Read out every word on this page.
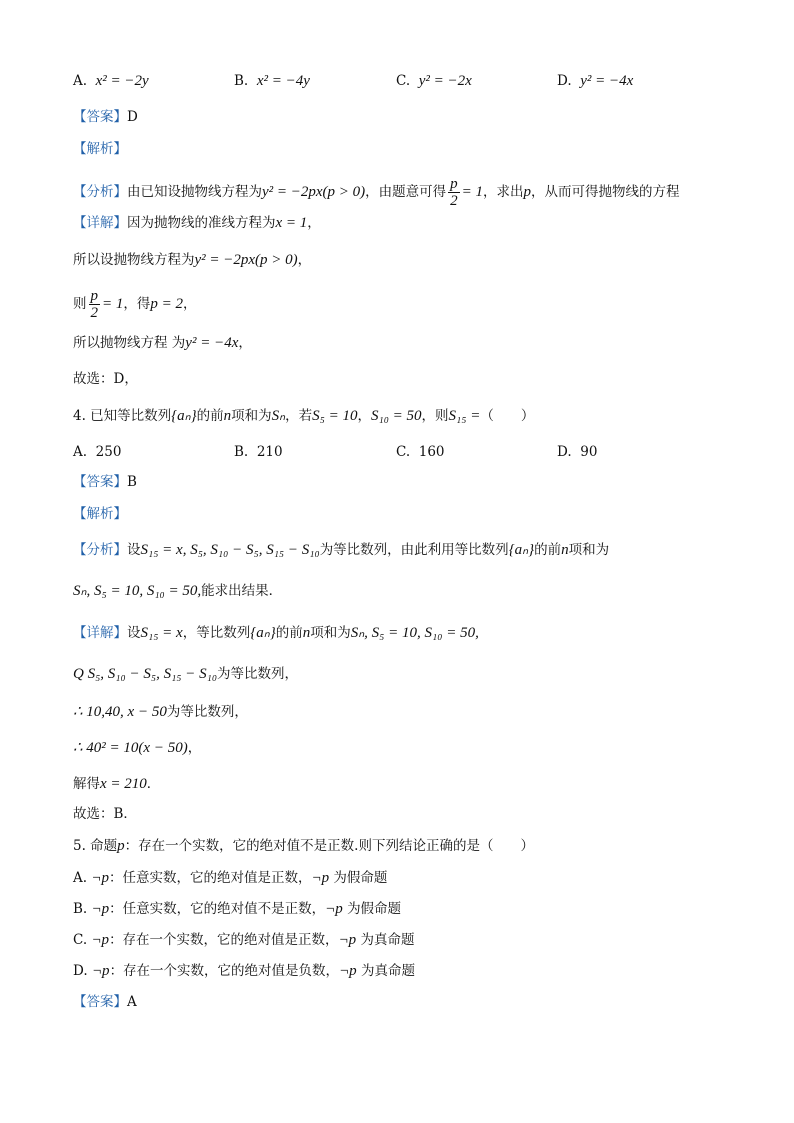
A. x² = −2y	B. x² = −4y	C. y² = −2x	D. y² = −4x
【答案】D
【解析】
【分析】由已知设抛物线方程为y² = −2px(p > 0)，由题意可得 $\frac{p}{2} = 1$，求出p，从而可得抛物线的方程
【详解】因为抛物线的准线方程为x = 1，
所以设抛物线方程为y² = −2px(p > 0)，
则 $\frac{p}{2} = 1$，得p = 2，
所以抛物线方程 为y² = −4x，
故选：D，
4. 已知等比数列{aₙ}的前n项和为Sₙ，若S₅ = 10，S₁₀ = 50，则S₁₅ =（　　）
A. 250	B. 210	C. 160	D. 90
【答案】B
【解析】
【分析】设S₁₅ = x, S₅, S₁₀ − S₅, S₁₅ − S₁₀为等比数列，由此利用等比数列{aₙ}的前n项和为
Sₙ, S₅ = 10, S₁₀ = 50,能求出结果．
【详解】设S₁₅ = x，等比数列{aₙ}的前n项和为Sₙ, S₅ = 10, S₁₀ = 50,
Q S₅, S₁₀ − S₅, S₁₅ − S₁₀为等比数列，
∴ 10,40, x − 50为等比数列，
∴ 40² = 10(x − 50)，
解得x = 210．
故选：B．
5. 命题p：存在一个实数，它的绝对值不是正数.则下列结论正确的是（　　）
A. ¬p：任意实数，它的绝对值是正数，¬p 为假命题
B. ¬p：任意实数，它的绝对值不是正数，¬p 为假命题
C. ¬p：存在一个实数，它的绝对值是正数，¬p 为真命题
D. ¬p：存在一个实数，它的绝对值是负数，¬p 为真命题
【答案】A
